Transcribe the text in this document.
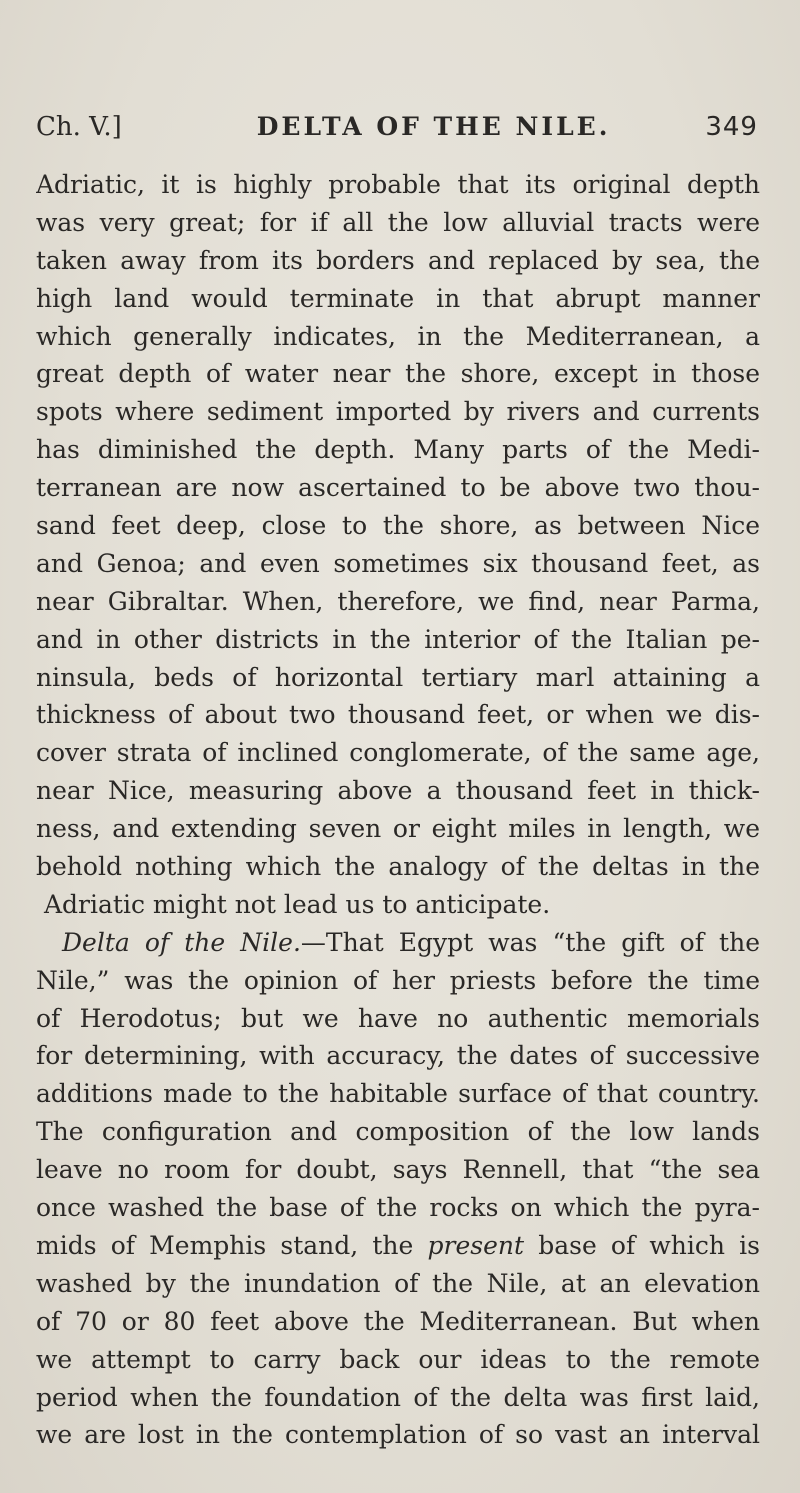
Ch. V.]	DELTA OF THE NILE.	349
Adriatic, it is highly probable that its original depth
was very great; for if all the low alluvial tracts were
taken away from its borders and replaced by sea, the
high land would terminate in that abrupt manner
which generally indicates, in the Mediterranean, a
great depth of water near the shore, except in those
spots where sediment imported by rivers and currents
has diminished the depth. Many parts of the Medi-
terranean are now ascertained to be above two thou-
sand feet deep, close to the shore, as between Nice
and Genoa; and even sometimes six thousand feet, as
near Gibraltar. When, therefore, we find, near Parma,
and in other districts in the interior of the Italian pe-
ninsula, beds of horizontal tertiary marl attaining a
thickness of about two thousand feet, or when we dis-
cover strata of inclined conglomerate, of the same age,
near Nice, measuring above a thousand feet in thick-
ness, and extending seven or eight miles in length, we
behold nothing which the analogy of the deltas in the
Adriatic might not lead us to anticipate.
Delta of the Nile.—That Egypt was “the gift of the
Nile,” was the opinion of her priests before the time
of Herodotus; but we have no authentic memorials
for determining, with accuracy, the dates of successive
additions made to the habitable surface of that country.
The configuration and composition of the low lands
leave no room for doubt, says Rennell, that “the sea
once washed the base of the rocks on which the pyra-
mids of Memphis stand, the present base of which is
washed by the inundation of the Nile, at an elevation
of 70 or 80 feet above the Mediterranean. But when
we attempt to carry back our ideas to the remote
period when the foundation of the delta was first laid,
we are lost in the contemplation of so vast an interval
